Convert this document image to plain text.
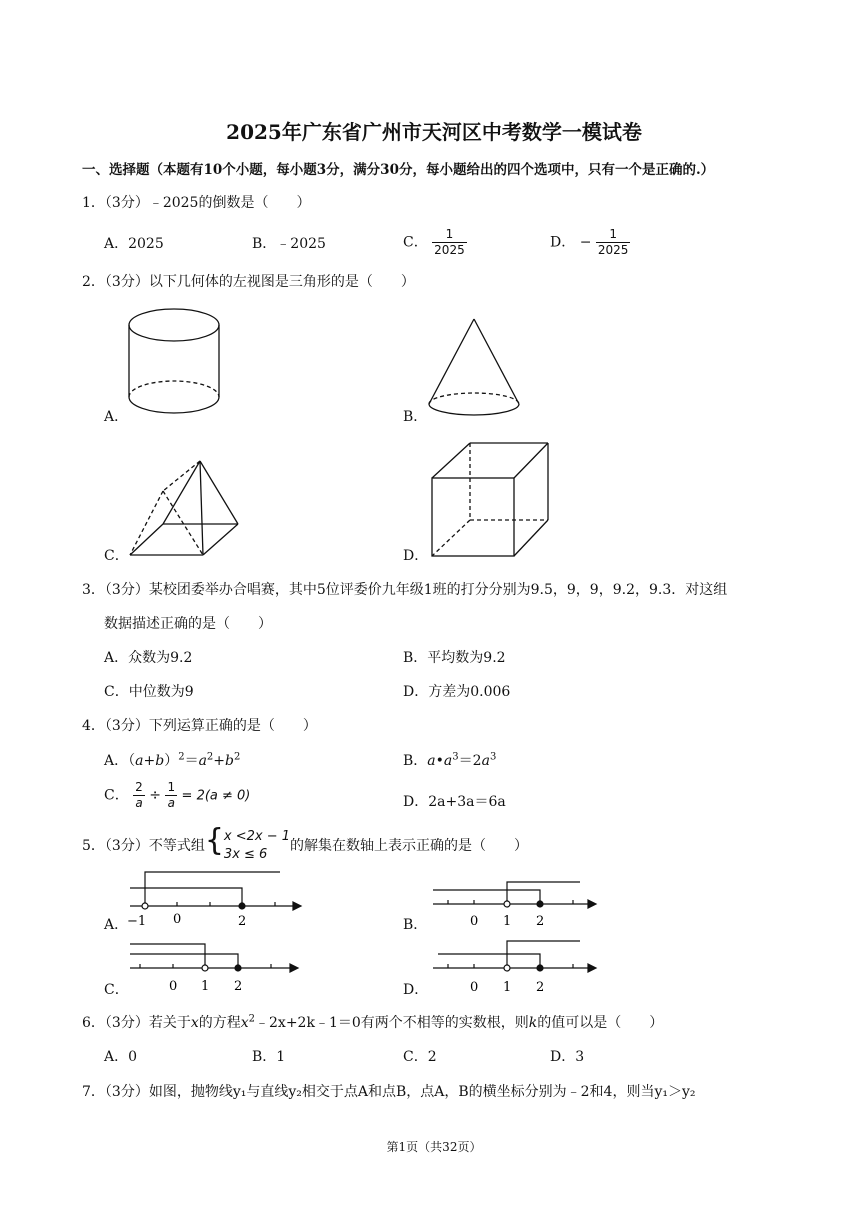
2025年广东省广州市天河区中考数学一模试卷
一、选择题（本题有10个小题，每小题3分，满分30分，每小题给出的四个选项中，只有一个是正确的.）
1．（3分）﹣2025的倒数是（　　）
A．2025	B．﹣2025	C． $\frac{1}{2025}$	D． − $\frac{1}{2025}$
2．（3分）以下几何体的左视图是三角形的是（　　）
A．	B．
C．	D．
3．（3分）某校团委举办合唱赛，其中5位评委价九年级1班的打分分别为9.5，9，9，9.2，9.3．对这组
数据描述正确的是（　　）
A．众数为9.2	B．平均数为9.2
C．中位数为9	D．方差为0.006
4．（3分）下列运算正确的是（　　）
A．$(a+b)^2=a^2+b^2$	B．$a•a^3=2a^3$
C． $\frac{2}{a} \div \frac{1}{a} = 2(a \ne 0)$	D．2a+3a＝6a
5．（3分）不等式组{ x <2x − 1
3x ≤ 6
的解集在数轴上表示正确的是（　　）
A．	B．
C．	D．
−1 0	2	0 1 2
0 1 2	0 1 2
6．（3分）若关于x的方程$x^2﹣2x+2k﹣1=0$有两个不相等的实数根，则k的值可以是（　　）
A．0	B．1	C．2	D．3
7．（3分）如图，抛物线y₁与直线y₂相交于点A和点B，点A，B的横坐标分别为﹣2和4，则当y₁＞y₂
第1页（共32页）
